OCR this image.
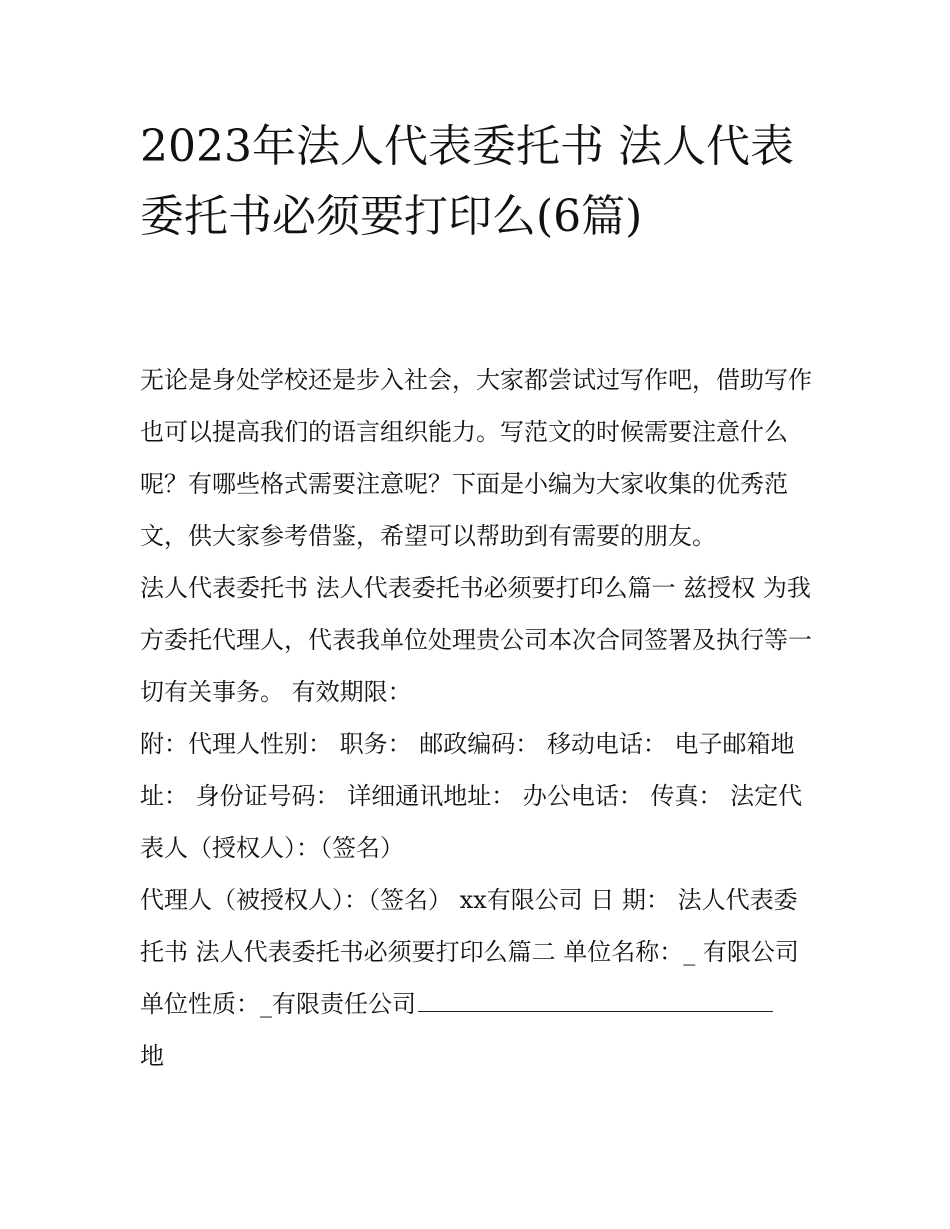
2023年法人代表委托书 法人代表委托书必须要打印么(6篇)

无论是身处学校还是步入社会，大家都尝试过写作吧，借助写作也可以提高我们的语言组织能力。写范文的时候需要注意什么呢？有哪些格式需要注意呢？下面是小编为大家收集的优秀范文，供大家参考借鉴，希望可以帮助到有需要的朋友。

法人代表委托书 法人代表委托书必须要打印么篇一 兹授权 为我方委托代理人，代表我单位处理贵公司本次合同签署及执行等一切有关事务。 有效期限：

附：代理人性别： 职务： 邮政编码： 移动电话： 电子邮箱地址： 身份证号码： 详细通讯地址： 办公电话： 传真： 法定代表人（授权人）：（签名）

代理人（被授权人）：（签名） xx有限公司 日 期： 法人代表委托书 法人代表委托书必须要打印么篇二 单位名称：_ 有限公司

单位性质：_有限责任公司

地
